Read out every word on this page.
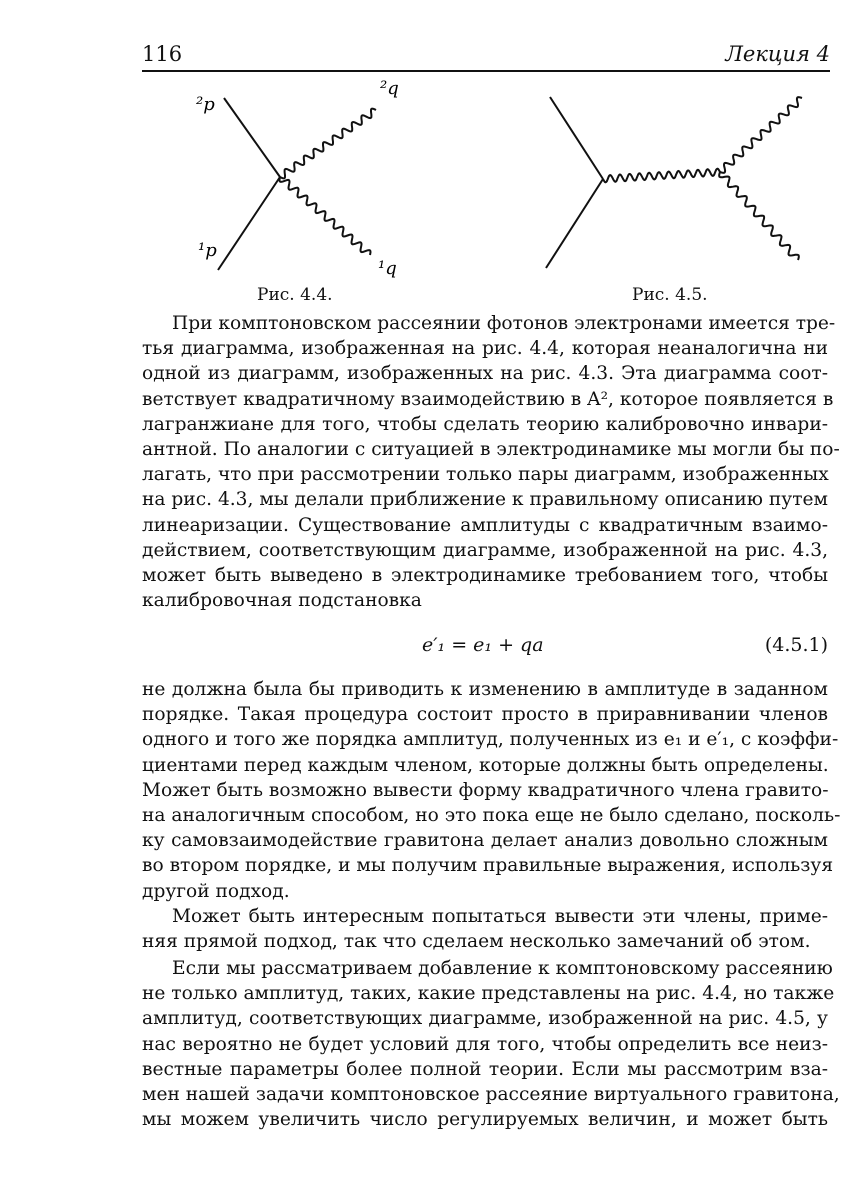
116	Лекция 4
²p
²q
¹p
¹q
Рис. 4.4.	Рис. 4.5.
При комптоновском рассеянии фотонов электронами имеется тре-
тья диаграмма, изображенная на рис. 4.4, которая неаналогична ни
одной из диаграмм, изображенных на рис. 4.3. Эта диаграмма соот-
ветствует квадратичному взаимодействию в A², которое появляется в
лагранжиане для того, чтобы сделать теорию калибровочно инвари-
антной. По аналогии с ситуацией в электродинамике мы могли бы по-
лагать, что при рассмотрении только пары диаграмм, изображенных
на рис. 4.3, мы делали приближение к правильному описанию путем
линеаризации. Существование амплитуды с квадратичным взаимо-
действием, соответствующим диаграмме, изображенной на рис. 4.3,
может быть выведено в электродинамике требованием того, чтобы
калибровочная подстановка
e′₁ = e₁ + qa	(4.5.1)
не должна была бы приводить к изменению в амплитуде в заданном
порядке. Такая процедура состоит просто в приравнивании членов
одного и того же порядка амплитуд, полученных из e₁ и e′₁, с коэффи-
циентами перед каждым членом, которые должны быть определены.
Может быть возможно вывести форму квадратичного члена гравито-
на аналогичным способом, но это пока еще не было сделано, посколь-
ку самовзаимодействие гравитона делает анализ довольно сложным
во втором порядке, и мы получим правильные выражения, используя
другой подход.
Может быть интересным попытаться вывести эти члены, приме-
няя прямой подход, так что сделаем несколько замечаний об этом.
Если мы рассматриваем добавление к комптоновскому рассеянию
не только амплитуд, таких, какие представлены на рис. 4.4, но также
амплитуд, соответствующих диаграмме, изображенной на рис. 4.5, у
нас вероятно не будет условий для того, чтобы определить все неиз-
вестные параметры более полной теории. Если мы рассмотрим вза-
мен нашей задачи комптоновское рассеяние виртуального гравитона,
мы можем увеличить число регулируемых величин, и может быть
